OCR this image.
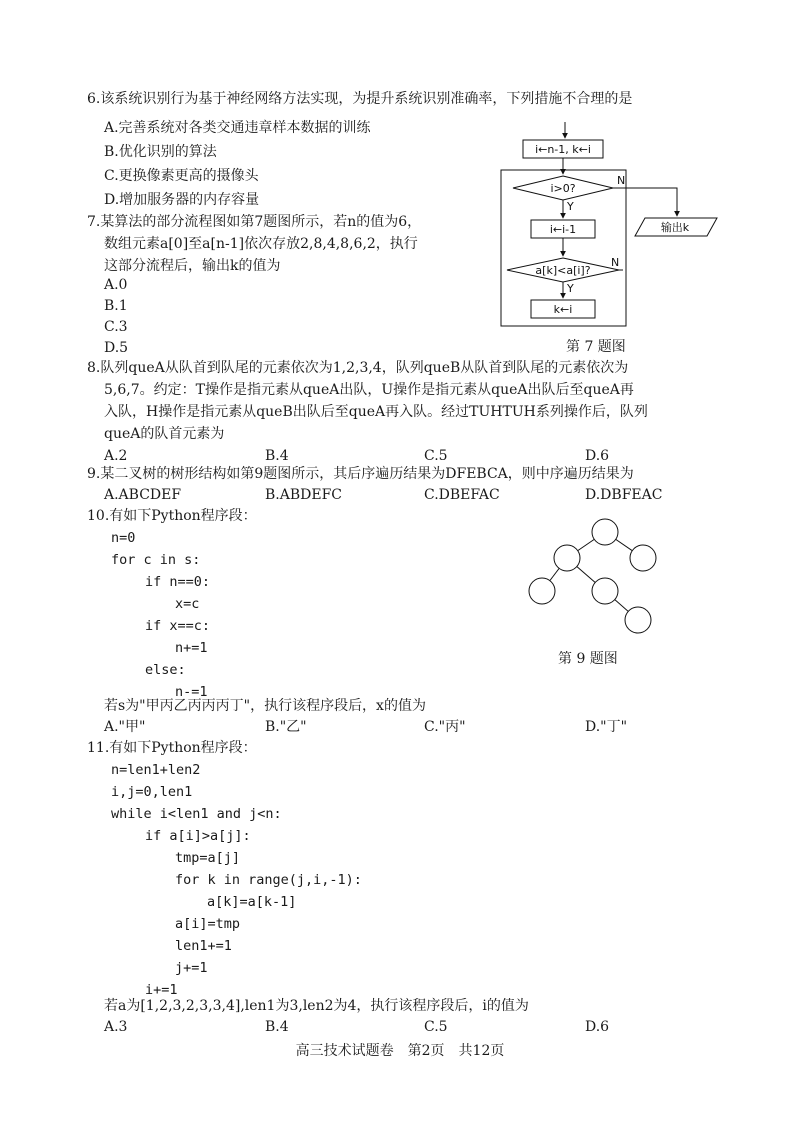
6.该系统识别行为基于神经网络方法实现，为提升系统识别准确率，下列措施不合理的是
A.完善系统对各类交通违章样本数据的训练
B.优化识别的算法
C.更换像素更高的摄像头
D.增加服务器的内存容量
7.某算法的部分流程图如第7题图所示，若n的值为6，
数组元素a[0]至a[n-1]依次存放2,8,4,8,6,2，执行
这部分流程后，输出k的值为
A.0
B.1
C.3
D.5
i←n-1, k←i
i>0?
Y
N
输出k
i←i-1
a[k]<a[i]?
Y
N
k←i
第 7 题图
8.队列queA从队首到队尾的元素依次为1,2,3,4，队列queB从队首到队尾的元素依次为
5,6,7。约定：T操作是指元素从queA出队，U操作是指元素从queA出队后至queA再
入队，H操作是指元素从queB出队后至queA再入队。经过TUHTUH系列操作后，队列
queA的队首元素为
A.2	B.4	C.5	D.6
9.某二叉树的树形结构如第9题图所示，其后序遍历结果为DFEBCA，则中序遍历结果为
A.ABCDEF	B.ABDEFC	C.DBEFAC	D.DBFEAC
第 9 题图
10.有如下Python程序段：
n=0
for c in s:
if n==0:
x=c
if x==c:
n+=1
else:
n-=1
若s为"甲丙乙丙丙丙丁"，执行该程序段后，x的值为
A."甲"	B."乙"	C."丙"	D."丁"
11.有如下Python程序段：
n=len1+len2
i,j=0,len1
while i<len1 and j<n:
if a[i]>a[j]:
tmp=a[j]
for k in range(j,i,-1):
a[k]=a[k-1]
a[i]=tmp
len1+=1
j+=1
i+=1
若a为[1,2,3,2,3,3,4],len1为3,len2为4，执行该程序段后，i的值为
A.3	B.4	C.5	D.6
高三技术试题卷　第2页　共12页
